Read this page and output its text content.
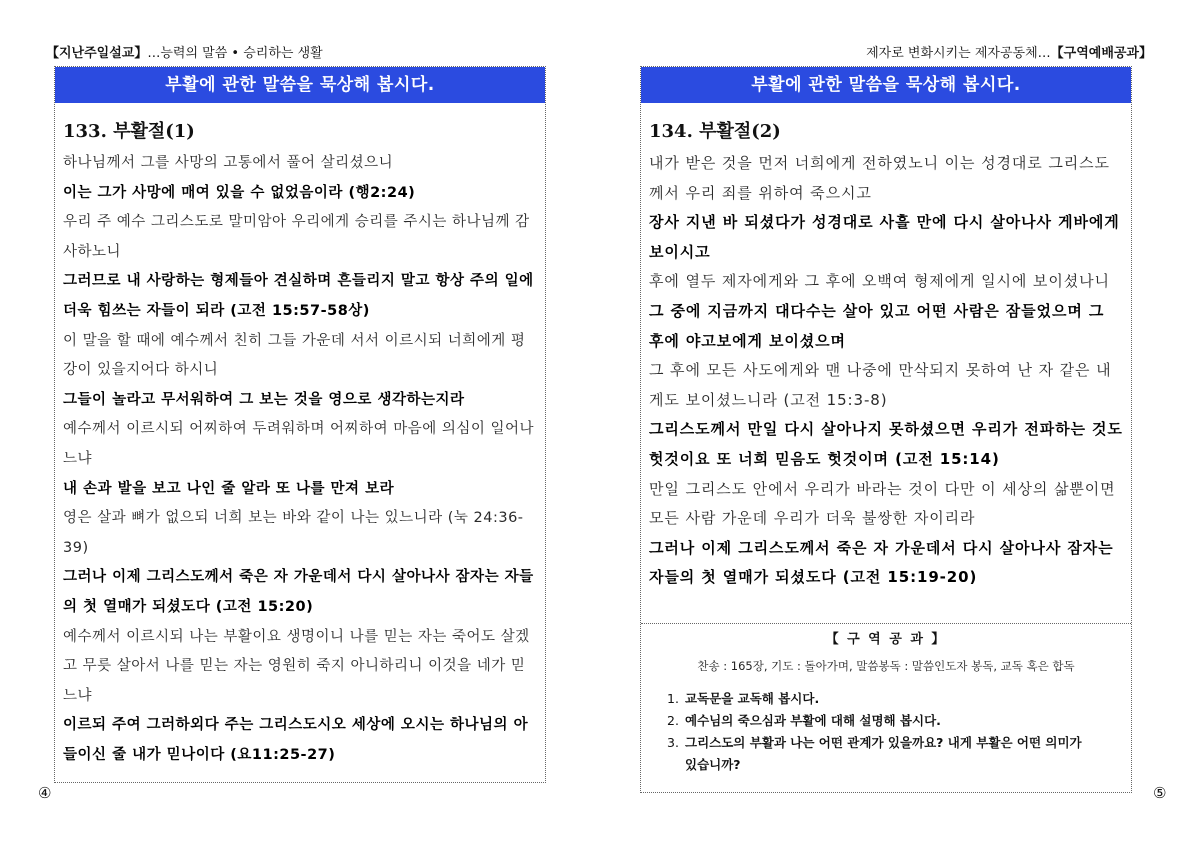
【지난주일설교】…능력의 말씀 • 승리하는 생활	제자로 변화시키는 제자공동체…【구역예배공과】
부활에 관한 말씀을 묵상해 봅시다.
133. 부활절(1)

하나님께서 그를 사망의 고통에서 풀어 살리셨으니

이는 그가 사망에 매여 있을 수 없었음이라 (행2:24)

우리 주 예수 그리스도로 말미암아 우리에게 승리를 주시는 하나님께 감사하노니

그러므로 내 사랑하는 형제들아 견실하며 흔들리지 말고 항상 주의 일에 더욱 힘쓰는 자들이 되라 (고전 15:57-58상)

이 말을 할 때에 예수께서 친히 그들 가운데 서서 이르시되 너희에게 평강이 있을지어다 하시니

그들이 놀라고 무서워하여 그 보는 것을 영으로 생각하는지라

예수께서 이르시되 어찌하여 두려워하며 어찌하여 마음에 의심이 일어나느냐

내 손과 발을 보고 나인 줄 알라 또 나를 만져 보라

영은 살과 뼈가 없으되 너희 보는 바와 같이 나는 있느니라 (눅 24:36-39)

그러나 이제 그리스도께서 죽은 자 가운데서 다시 살아나사 잠자는 자들의 첫 열매가 되셨도다 (고전 15:20)

예수께서 이르시되 나는 부활이요 생명이니 나를 믿는 자는 죽어도 살겠고 무릇 살아서 나를 믿는 자는 영원히 죽지 아니하리니 이것을 네가 믿느냐

이르되 주여 그러하외다 주는 그리스도시오 세상에 오시는 하나님의 아들이신 줄 내가 믿나이다 (요11:25-27)

부활에 관한 말씀을 묵상해 봅시다.
134. 부활절(2)

내가 받은 것을 먼저 너희에게 전하였노니 이는 성경대로 그리스도께서 우리 죄를 위하여 죽으시고

장사 지낸 바 되셨다가 성경대로 사흘 만에 다시 살아나사 게바에게 보이시고

후에 열두 제자에게와 그 후에 오백여 형제에게 일시에 보이셨나니

그 중에 지금까지 대다수는 살아 있고 어떤 사람은 잠들었으며 그 후에 야고보에게 보이셨으며

그 후에 모든 사도에게와 맨 나중에 만삭되지 못하여 난 자 같은 내게도 보이셨느니라 (고전 15:3-8)

그리스도께서 만일 다시 살아나지 못하셨으면 우리가 전파하는 것도 헛것이요 또 너희 믿음도 헛것이며 (고전 15:14)

만일 그리스도 안에서 우리가 바라는 것이 다만 이 세상의 삶뿐이면 모든 사람 가운데 우리가 더욱 불쌍한 자이리라

그러나 이제 그리스도께서 죽은 자 가운데서 다시 살아나사 잠자는 자들의 첫 열매가 되셨도다 (고전 15:19-20)

【 구 역 공 과 】
찬송 : 165장, 기도 : 돌아가며, 말씀봉독 : 말씀인도자 봉독, 교독 혹은 합독
1. 교독문을 교독해 봅시다.
2. 예수님의 죽으심과 부활에 대해 설명해 봅시다.
3. 그리스도의 부활과 나는 어떤 관계가 있을까요? 내게 부활은 어떤 의미가 있습니까?
④	⑤
